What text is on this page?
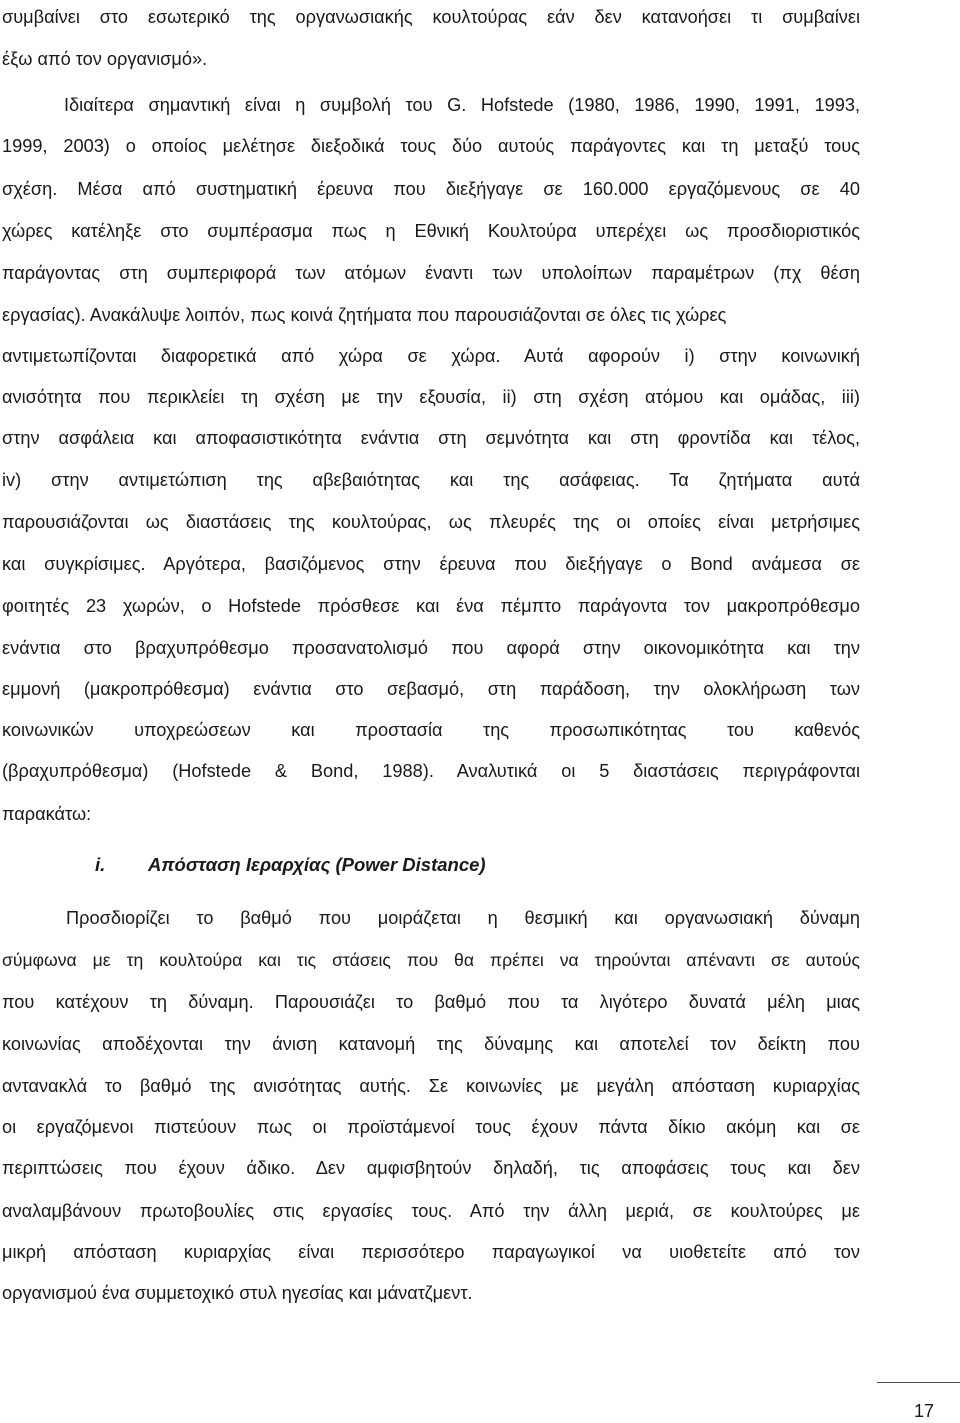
συμβαίνει στο εσωτερικό της οργανωσιακής κουλτούρας εάν δεν κατανοήσει τι συμβαίνει
έξω από τον οργανισμό».
Ιδιαίτερα σημαντική είναι η συμβολή του G. Hofstede (1980, 1986, 1990, 1991, 1993,
1999, 2003) ο οποίος μελέτησε διεξοδικά τους δύο αυτούς παράγοντες και τη μεταξύ τους
σχέση. Μέσα από συστηματική έρευνα που διεξήγαγε σε 160.000 εργαζόμενους σε 40
χώρες κατέληξε στο συμπέρασμα πως η Εθνική Κουλτούρα υπερέχει ως προσδιοριστικός
παράγοντας στη συμπεριφορά των ατόμων έναντι των υπολοίπων παραμέτρων (πχ θέση
εργασίας). Ανακάλυψε λοιπόν, πως κοινά ζητήματα που παρουσιάζονται σε όλες τις χώρες
αντιμετωπίζονται διαφορετικά από χώρα σε χώρα. Αυτά αφορούν i) στην κοινωνική
ανισότητα που περικλείει τη σχέση με την εξουσία, ii) στη σχέση ατόμου και ομάδας, iii)
στην ασφάλεια και αποφασιστικότητα ενάντια στη σεμνότητα και στη φροντίδα και τέλος,
iv) στην αντιμετώπιση της αβεβαιότητας και της ασάφειας. Τα ζητήματα αυτά
παρουσιάζονται ως διαστάσεις της κουλτούρας, ως πλευρές της οι οποίες είναι μετρήσιμες
και συγκρίσιμες. Αργότερα, βασιζόμενος στην έρευνα που διεξήγαγε ο Bond ανάμεσα σε
φοιτητές 23 χωρών, ο Hofstede πρόσθεσε και ένα πέμπτο παράγοντα τον μακροπρόθεσμο
ενάντια στο βραχυπρόθεσμο προσανατολισμό που αφορά στην οικονομικότητα και την
εμμονή (μακροπρόθεσμα) ενάντια στο σεβασμό, στη παράδοση, την ολοκλήρωση των
κοινωνικών υποχρεώσεων και προστασία της προσωπικότητας του καθενός
(βραχυπρόθεσμα) (Hofstede & Bond, 1988). Αναλυτικά οι 5 διαστάσεις περιγράφονται
παρακάτω:
i. Απόσταση Ιεραρχίας (Power Distance)
Προσδιορίζει το βαθμό που μοιράζεται η θεσμική και οργανωσιακή δύναμη
σύμφωνα με τη κουλτούρα και τις στάσεις που θα πρέπει να τηρούνται απέναντι σε αυτούς
που κατέχουν τη δύναμη. Παρουσιάζει το βαθμό που τα λιγότερο δυνατά μέλη μιας
κοινωνίας αποδέχονται την άνιση κατανομή της δύναμης και αποτελεί τον δείκτη που
αντανακλά το βαθμό της ανισότητας αυτής. Σε κοινωνίες με μεγάλη απόσταση κυριαρχίας
οι εργαζόμενοι πιστεύουν πως οι προϊστάμενοί τους έχουν πάντα δίκιο ακόμη και σε
περιπτώσεις που έχουν άδικο. Δεν αμφισβητούν δηλαδή, τις αποφάσεις τους και δεν
αναλαμβάνουν πρωτοβουλίες στις εργασίες τους. Από την άλλη μεριά, σε κουλτούρες με
μικρή απόσταση κυριαρχίας είναι περισσότερο παραγωγικοί να υιοθετείτε από τον
οργανισμού ένα συμμετοχικό στυλ ηγεσίας και μάνατζμεντ.
17
